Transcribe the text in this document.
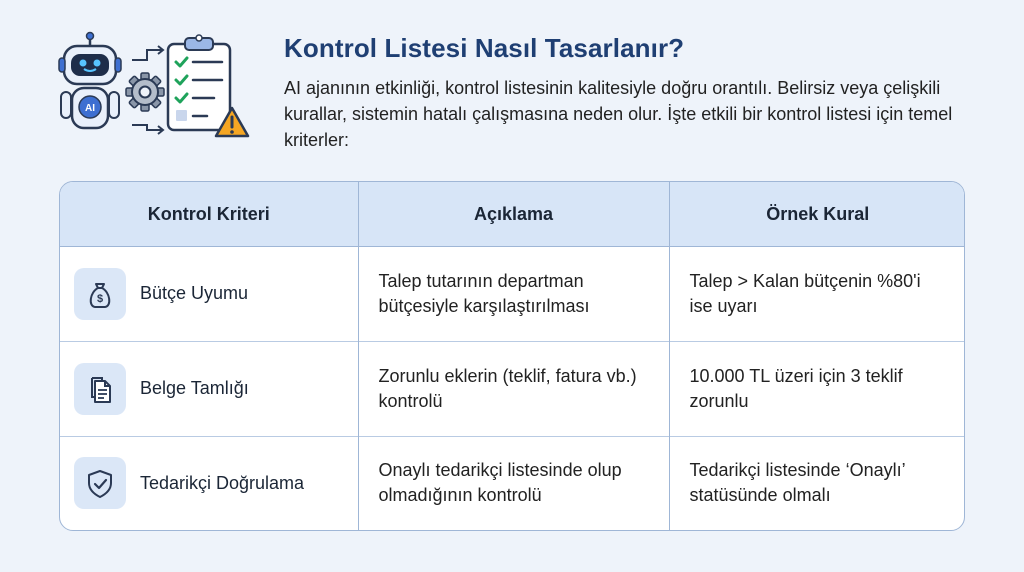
AI
Kontrol Listesi Nasıl Tasarlanır?

AI ajanının etkinliği, kontrol listesinin kalitesiyle doğru orantılı. Belirsiz veya çelişkili kurallar, sistemin hatalı çalışmasına neden olur. İşte etkili bir kontrol listesi için temel kriterler:

Kontrol Kriteri	Açıklama	Örnek Kural

$ Bütçe Uyumu	Talep tutarının departman bütçesiyle karşılaştırılması	Talep > Kalan bütçenin %80'i ise uyarı

Belge Tamlığı	Zorunlu eklerin (teklif, fatura vb.) kontrolü	10.000 TL üzeri için 3 teklif zorunlu

Tedarikçi Doğrulama	Onaylı tedarikçi listesinde olup olmadığının kontrolü	Tedarikçi listesinde ‘Onaylı’ statüsünde olmalı
